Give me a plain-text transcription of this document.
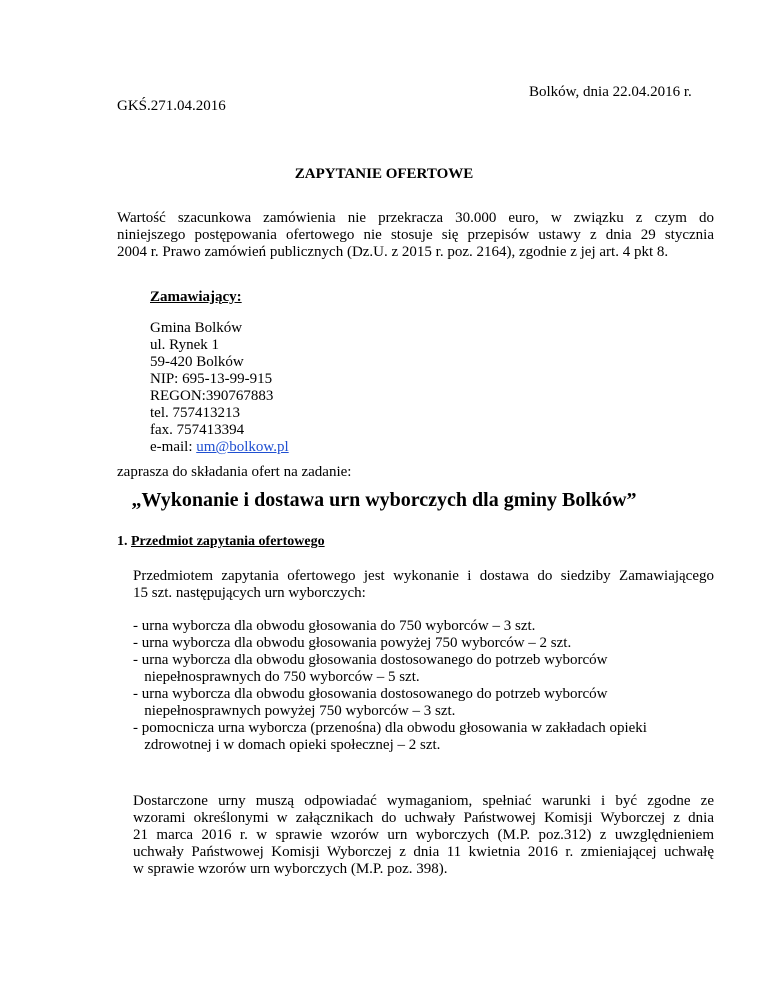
Bolków, dnia 22.04.2016 r.
GKŚ.271.04.2016
ZAPYTANIE OFERTOWE
Wartość szacunkowa zamówienia nie przekracza 30.000 euro, w związku z czym do
niniejszego postępowania ofertowego nie stosuje się przepisów ustawy z dnia 29 stycznia
2004 r. Prawo zamówień publicznych (Dz.U. z 2015 r. poz. 2164), zgodnie z jej art. 4 pkt 8.
Zamawiający:
Gmina Bolków
ul. Rynek 1
59-420 Bolków
NIP: 695-13-99-915
REGON:390767883
tel. 757413213
fax. 757413394
e-mail: um@bolkow.pl
zaprasza do składania ofert na zadanie:
„Wykonanie i dostawa urn wyborczych dla gminy Bolków”
1. Przedmiot zapytania ofertowego
Przedmiotem zapytania ofertowego jest wykonanie i dostawa do siedziby Zamawiającego
15 szt. następujących urn wyborczych:
- urna wyborcza dla obwodu głosowania do 750 wyborców – 3 szt.
- urna wyborcza dla obwodu głosowania powyżej 750 wyborców – 2 szt.
- urna wyborcza dla obwodu głosowania dostosowanego do potrzeb wyborców
niepełnosprawnych do 750 wyborców – 5 szt.
- urna wyborcza dla obwodu głosowania dostosowanego do potrzeb wyborców
niepełnosprawnych powyżej 750 wyborców – 3 szt.
- pomocnicza urna wyborcza (przenośna) dla obwodu głosowania w zakładach opieki
zdrowotnej i w domach opieki społecznej – 2 szt.
Dostarczone urny muszą odpowiadać wymaganiom, spełniać warunki i być zgodne ze
wzorami określonymi w załącznikach do uchwały Państwowej Komisji Wyborczej z dnia
21 marca 2016 r. w sprawie wzorów urn wyborczych (M.P. poz.312) z uwzględnieniem
uchwały Państwowej Komisji Wyborczej z dnia 11 kwietnia 2016 r. zmieniającej uchwałę
w sprawie wzorów urn wyborczych (M.P. poz. 398).
